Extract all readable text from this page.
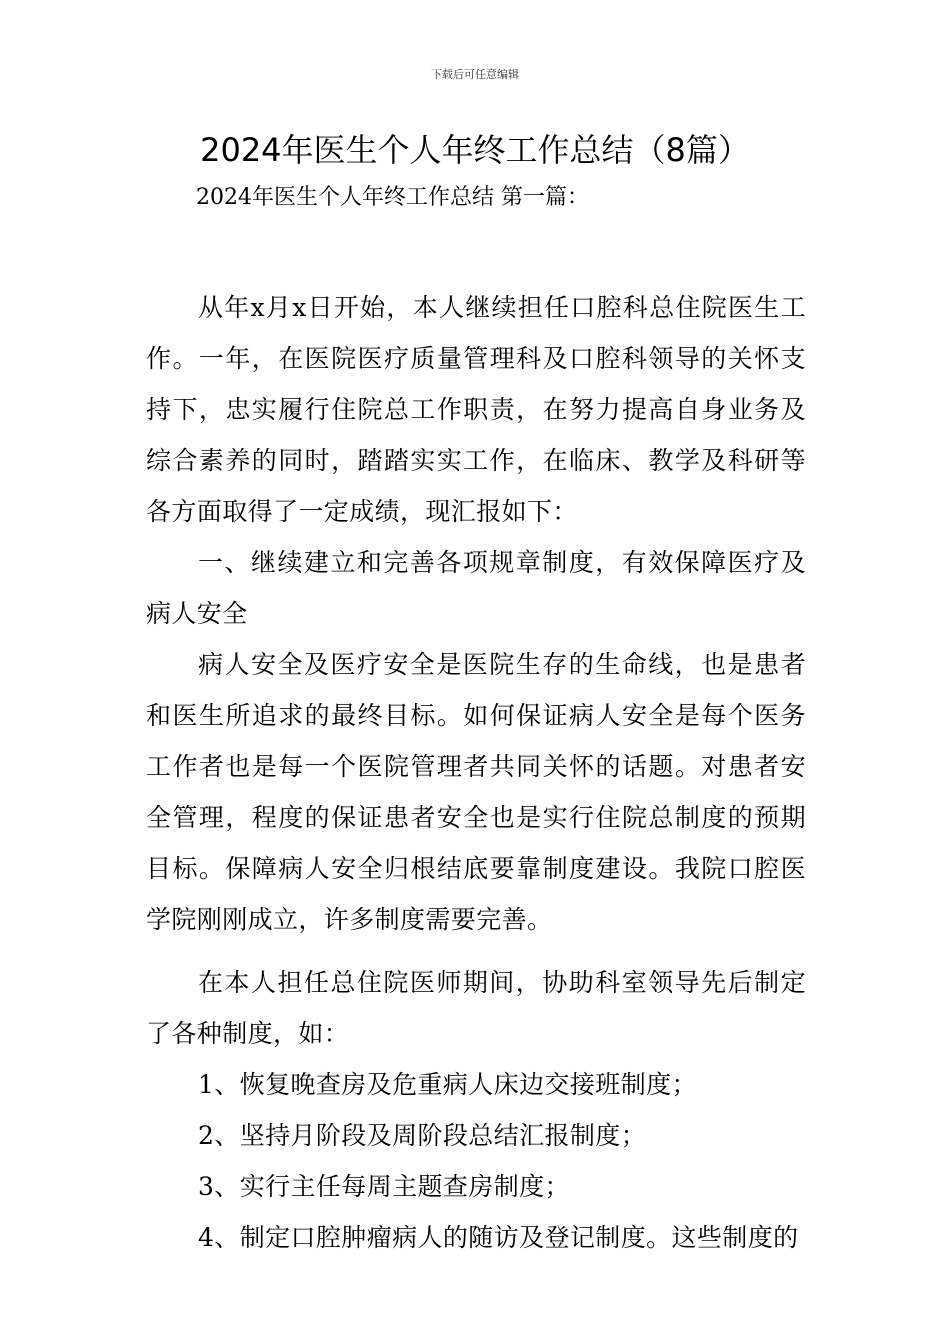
下载后可任意编辑
2024年医生个人年终工作总结（8篇）
2024年医生个人年终工作总结 第一篇：

从年x月x日开始，本人继续担任口腔科总住院医生工作。一年，在医院医疗质量管理科及口腔科领导的关怀支持下，忠实履行住院总工作职责，在努力提高自身业务及综合素养的同时，踏踏实实工作，在临床、教学及科研等各方面取得了一定成绩，现汇报如下：

一、继续建立和完善各项规章制度，有效保障医疗及病人安全

病人安全及医疗安全是医院生存的生命线，也是患者和医生所追求的最终目标。如何保证病人安全是每个医务工作者也是每一个医院管理者共同关怀的话题。对患者安全管理，程度的保证患者安全也是实行住院总制度的预期目标。保障病人安全归根结底要靠制度建设。我院口腔医学院刚刚成立，许多制度需要完善。

在本人担任总住院医师期间，协助科室领导先后制定了各种制度，如：

1、恢复晚查房及危重病人床边交接班制度；

2、坚持月阶段及周阶段总结汇报制度；

3、实行主任每周主题查房制度；

4、制定口腔肿瘤病人的随访及登记制度。这些制度的
